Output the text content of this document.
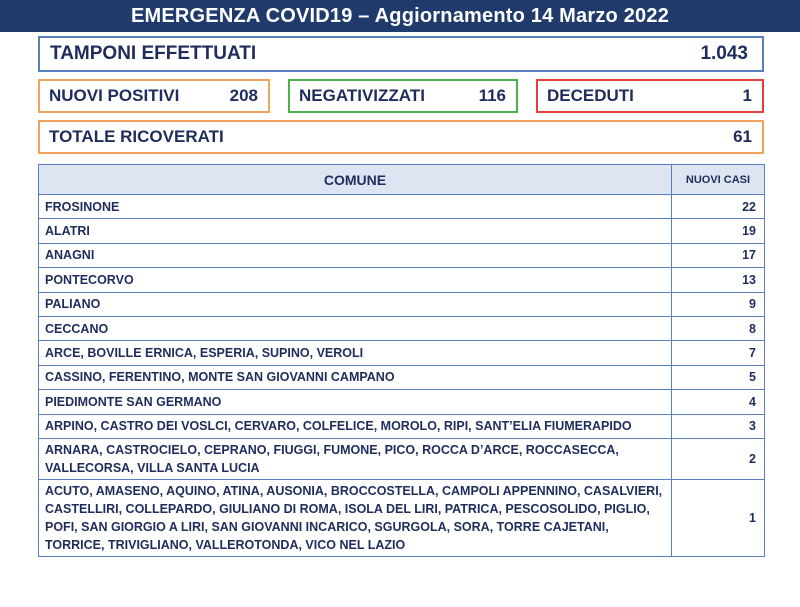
EMERGENZA COVID19 – Aggiornamento 14 Marzo 2022
TAMPONI EFFETTUATI	1.043
NUOVI POSITIVI	208 NEGATIVIZZATI	116 DECEDUTI	1
TOTALE RICOVERATI	61
COMUNE	NUOVI CASI
FROSINONE	22
ALATRI	19
ANAGNI	17
PONTECORVO	13
PALIANO	9
CECCANO	8
ARCE, BOVILLE ERNICA, ESPERIA, SUPINO, VEROLI	7
CASSINO, FERENTINO, MONTE SAN GIOVANNI CAMPANO	5
PIEDIMONTE SAN GERMANO	4
ARPINO, CASTRO DEI VOSLCI, CERVARO, COLFELICE, MOROLO, RIPI, SANT’ELIA FIUMERAPIDO	3
ARNARA, CASTROCIELO, CEPRANO, FIUGGI, FUMONE, PICO, ROCCA D’ARCE, ROCCASECCA, VALLECORSA, VILLA SANTA LUCIA	2
ACUTO, AMASENO, AQUINO, ATINA, AUSONIA, BROCCOSTELLA, CAMPOLI APPENNINO, CASALVIERI, CASTELLIRI, COLLEPARDO, GIULIANO DI ROMA, ISOLA DEL LIRI, PATRICA, PESCOSOLIDO, PIGLIO, POFI, SAN GIORGIO A LIRI, SAN GIOVANNI INCARICO, SGURGOLA, SORA, TORRE CAJETANI, TORRICE, TRIVIGLIANO, VALLEROTONDA, VICO NEL LAZIO	1
